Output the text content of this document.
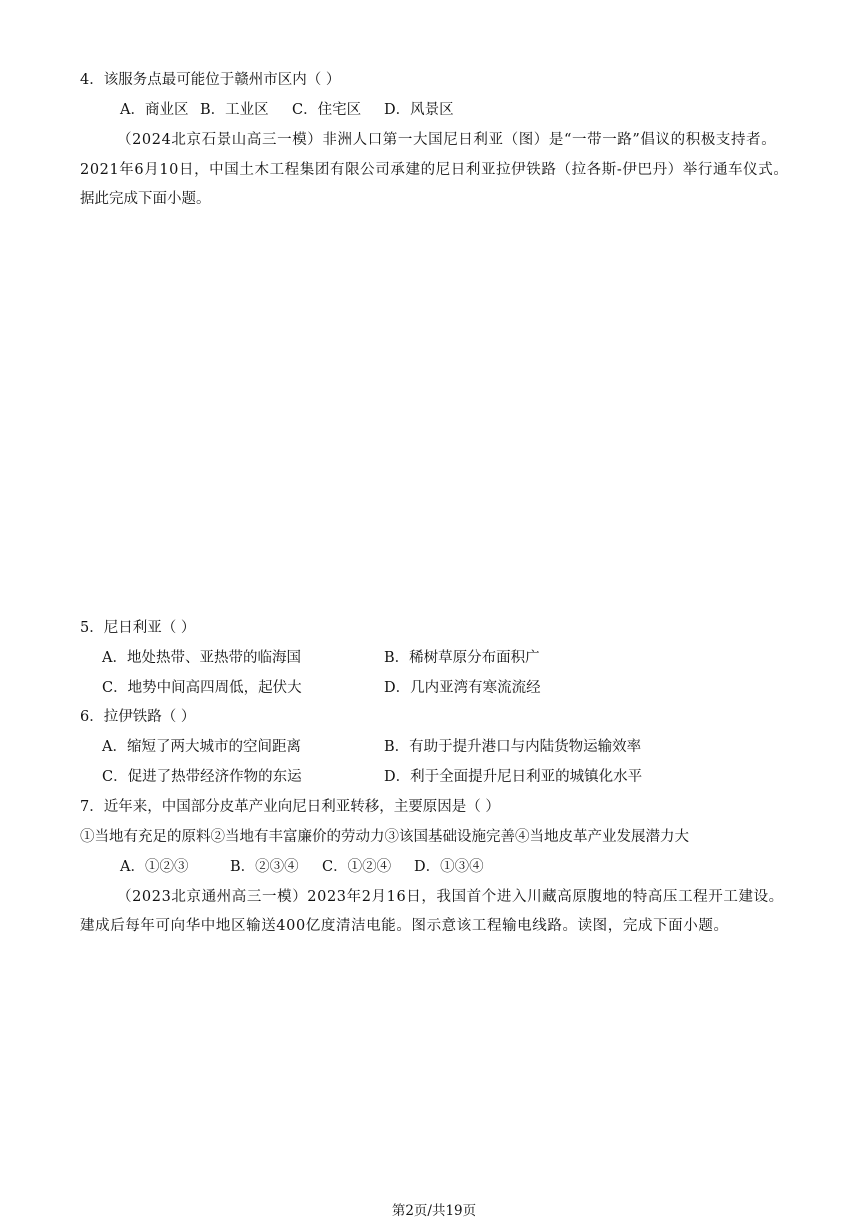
4．该服务点最可能位于赣州市区内（ ）
A．商业区 B．工业区 C．住宅区 D．风景区
（2024北京石景山高三一模）非洲人口第一大国尼日利亚（图）是“一带一路”倡议的积极支持者。
2021年6月10日，中国土木工程集团有限公司承建的尼日利亚拉伊铁路（拉各斯-伊巴丹）举行通车仪式。
据此完成下面小题。
5．尼日利亚（ ）
A．地处热带、亚热带的临海国	B．稀树草原分布面积广
C．地势中间高四周低，起伏大	D．几内亚湾有寒流流经
6．拉伊铁路（ ）
A．缩短了两大城市的空间距离	B．有助于提升港口与内陆货物运输效率
C．促进了热带经济作物的东运	D．利于全面提升尼日利亚的城镇化水平
7．近年来，中国部分皮革产业向尼日利亚转移，主要原因是（ ）
①当地有充足的原料②当地有丰富廉价的劳动力③该国基础设施完善④当地皮革产业发展潜力大
A．①②③	B．②③④ C．①②④ D．①③④
（2023北京通州高三一模）2023年2月16日，我国首个进入川藏高原腹地的特高压工程开工建设。
建成后每年可向华中地区输送400亿度清洁电能。图示意该工程输电线路。读图，完成下面小题。
第2页/共19页
